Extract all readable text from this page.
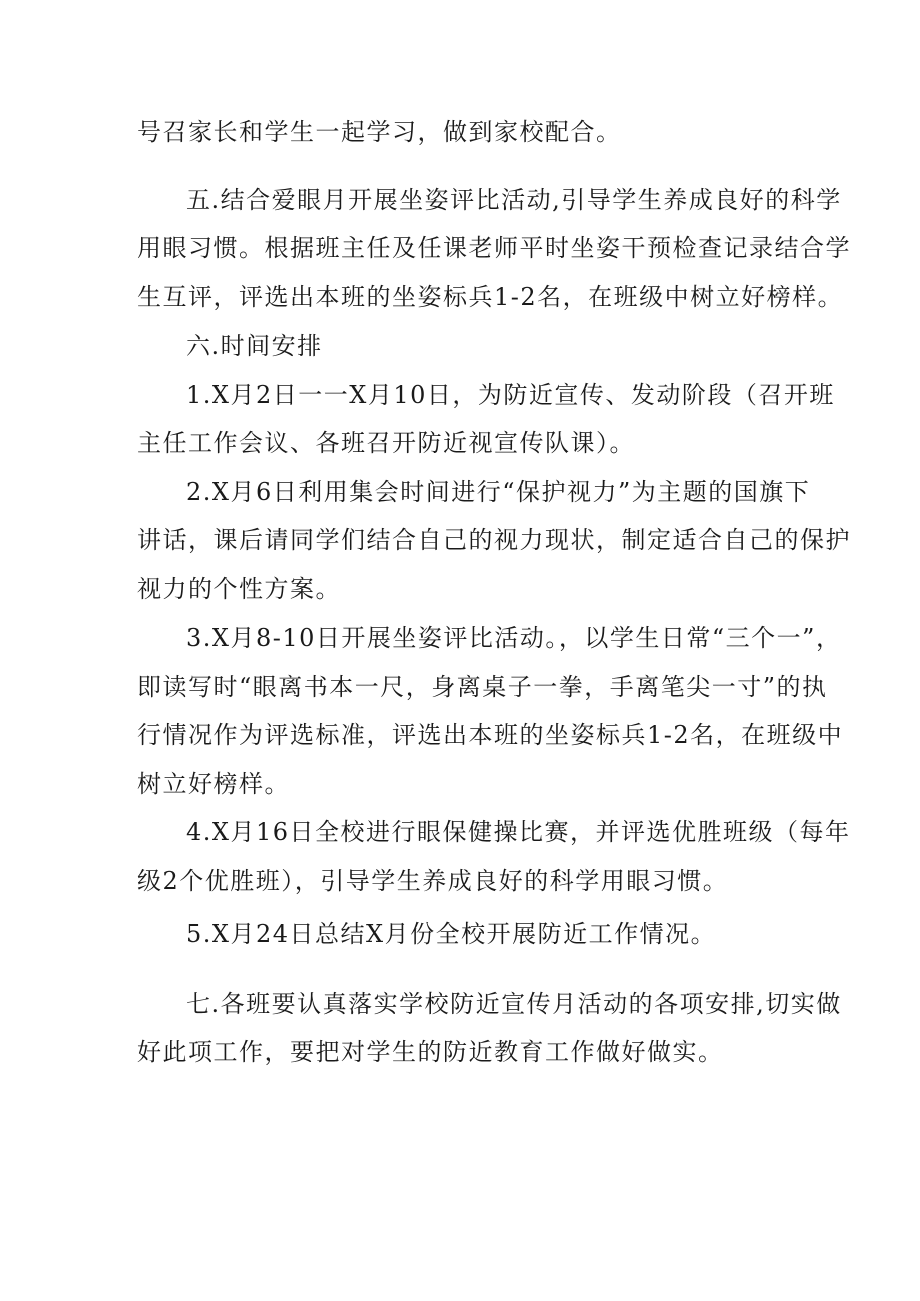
号召家长和学生一起学习，做到家校配合。
五.结合爱眼月开展坐姿评比活动,引导学生养成良好的科学
用眼习惯。根据班主任及任课老师平时坐姿干预检查记录结合学
生互评，评选出本班的坐姿标兵1-2名，在班级中树立好榜样。
六.时间安排
1.X月2日一一X月10日，为防近宣传、发动阶段（召开班
主任工作会议、各班召开防近视宣传队课）。
2.X月6日利用集会时间进行“保护视力”为主题的国旗下
讲话，课后请同学们结合自己的视力现状，制定适合自己的保护
视力的个性方案。
3.X月8-10日开展坐姿评比活动。，以学生日常“三个一”，
即读写时“眼离书本一尺，身离桌子一拳，手离笔尖一寸”的执
行情况作为评选标准，评选出本班的坐姿标兵1-2名，在班级中
树立好榜样。
4.X月16日全校进行眼保健操比赛，并评选优胜班级（每年
级2个优胜班），引导学生养成良好的科学用眼习惯。
5.X月24日总结X月份全校开展防近工作情况。
七.各班要认真落实学校防近宣传月活动的各项安排,切实做
好此项工作，要把对学生的防近教育工作做好做实。
